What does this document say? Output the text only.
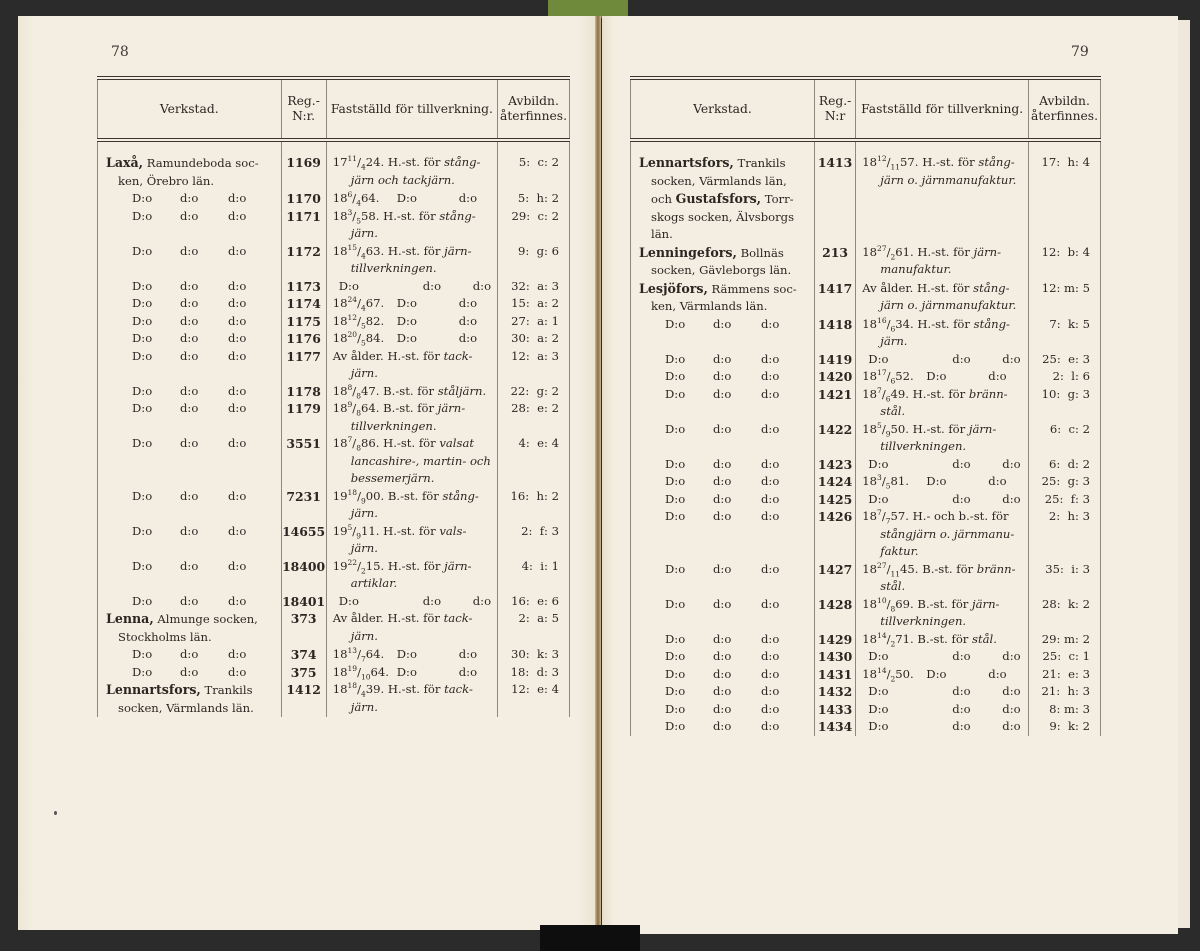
78
Verkstad.	Reg.-
N:r.	Fastställd för tillverkning.	Avbildn.
återfinnes.
Laxå, Ramundeboda soc-
ken, Örebro län.	1169	$17^{11}/_424$. H.-st. för stång-
järn och tackjärn.	5:  c: 2

D:o d:o d:o	1170	$18^6/_464$. D:o d:o	5:  h: 2

D:o d:o d:o	1171	$18^3/_558$. H.-st. för stång-
järn.	29:  c: 2

D:o d:o d:o	1172	$18^{15}/_463$. H.-st. för järn-
tillverkningen.	9:  g: 6

D:o d:o d:o	1173	D:o d:o d:o	32:  a: 3

D:o d:o d:o	1174	$18^{24}/_467$. D:o d:o	15:  a: 2

D:o d:o d:o	1175	$18^{12}/_582$. D:o d:o	27:  a: 1

D:o d:o d:o	1176	$18^{20}/_584$. D:o d:o	30:  a: 2

D:o d:o d:o	1177	Av ålder. H.-st. för tack-
järn.	12:  a: 3

D:o d:o d:o	1178	$18^8/_847$. B.-st. för ståljärn.	22:  g: 2

D:o d:o d:o	1179	$18^9/_864$. B.-st. för järn-
tillverkningen.	28:  e: 2

D:o d:o d:o	3551	$18^7/_886$. H.-st. för valsat
lancashire-, martin- och
bessemerjärn.	4:  e: 4

D:o d:o d:o	7231	$19^{18}/_900$. B.-st. för stång-
järn.	16:  h: 2

D:o d:o d:o	14655	$19^5/_911$. H.-st. för vals-
järn.	2:  f: 3

D:o d:o d:o	18400	$19^{22}/_215$. H.-st. för järn-
artiklar.	4:  i: 1

D:o d:o d:o	18401	D:o d:o d:o	16:  e: 6
Lenna, Almunge socken,
Stockholms län.	373	Av ålder. H.-st. för tack-
järn.	2:  a: 5

D:o d:o d:o	374	$18^{13}/_764$. D:o d:o	30:  k: 3

D:o d:o d:o	375	$18^{19}/_{10}64$. D:o d:o	18:  d: 3
Lennartsfors, Trankils
socken, Värmlands län.	1412	$18^{18}/_439$. H.-st. för tack-
järn.	12:  e: 4
79
Verkstad.	Reg.-
N:r	Fastställd för tillverkning.	Avbildn.
återfinnes.
Lennartsfors, Trankils
socken, Värmlands län,
och Gustafsfors, Torr-
skogs socken, Älvsborgs
län.	1413	$18^{12}/_{11}57$. H.-st. för stång-
järn o. järnmanufaktur.	17:  h: 4
Lenningefors, Bollnäs
socken, Gävleborgs län.	213	$18^{27}/_261$. H.-st. för järn-
manufaktur.	12:  b: 4
Lesjöfors, Rämmens soc-
ken, Värmlands län.	1417	Av ålder. H.-st. för stång-
järn o. järnmanufaktur.	12: m: 5

D:o d:o d:o	1418	$18^{16}/_634$. H.-st. för stång-
järn.	7:  k: 5

D:o d:o d:o	1419	D:o d:o d:o	25:  e: 3

D:o d:o d:o	1420	$18^{17}/_652$. D:o d:o	2:  l: 6

D:o d:o d:o	1421	$18^7/_649$. H.-st. för bränn-
stål.	10:  g: 3

D:o d:o d:o	1422	$18^5/_950$. H.-st. för järn-
tillverkningen.	6:  c: 2

D:o d:o d:o	1423	D:o d:o d:o	6:  d: 2

D:o d:o d:o	1424	$18^3/_581$. D:o d:o	25:  g: 3

D:o d:o d:o	1425	D:o d:o d:o	25:  f: 3

D:o d:o d:o	1426	$18^7/_757$. H.- och b.-st. för
stångjärn o. järnmanu-
faktur.	2:  h: 3

D:o d:o d:o	1427	$18^{27}/_{11}45$. B.-st. för bränn-
stål.	35:  i: 3

D:o d:o d:o	1428	$18^{10}/_869$. B.-st. för järn-
tillverkningen.	28:  k: 2

D:o d:o d:o	1429	$18^{14}/_271$. B.-st. för stål.	29: m: 2

D:o d:o d:o	1430	D:o d:o d:o	25:  c: 1

D:o d:o d:o	1431	$18^{14}/_250$. D:o d:o	21:  e: 3

D:o d:o d:o	1432	D:o d:o d:o	21:  h: 3

D:o d:o d:o	1433	D:o d:o d:o	8: m: 3

D:o d:o d:o	1434	D:o d:o d:o	9:  k: 2
